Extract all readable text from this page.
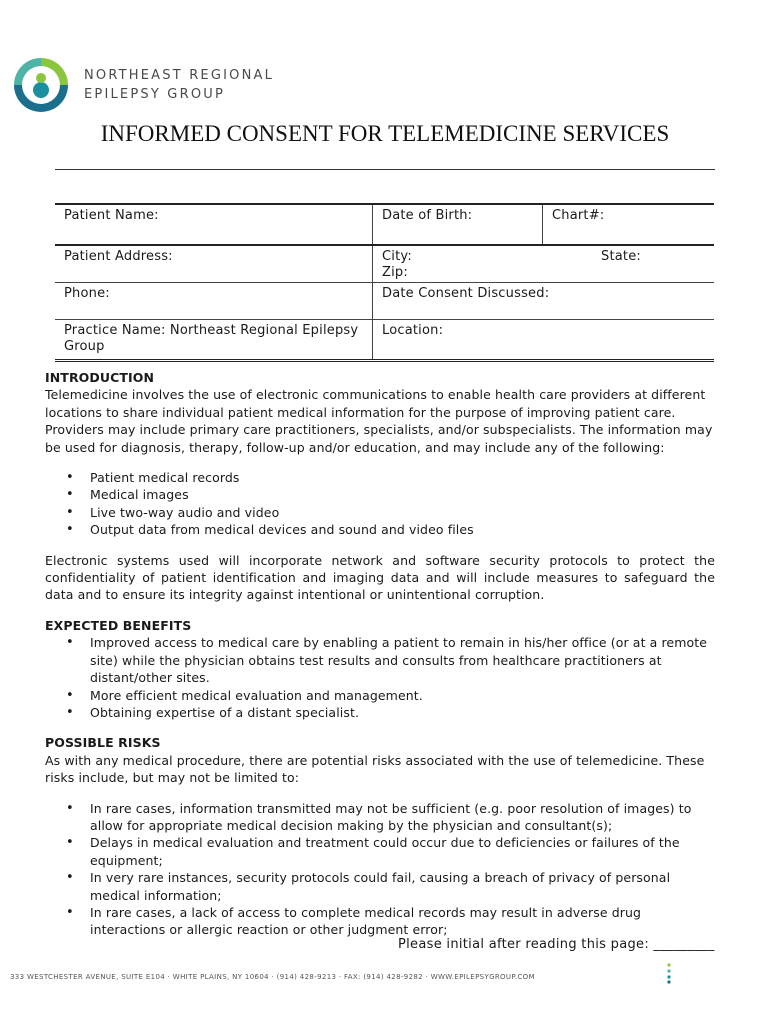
NORTHEAST REGIONAL
EPILEPSY GROUP
INFORMED CONSENT FOR TELEMEDICINE SERVICES
Patient Name:	Date of Birth:	Chart#:
Patient Address:	City: State:
Zip:	

Phone:	Date Consent Discussed:	
Practice Name: Northeast Regional Epilepsy Group	Location:	
INTRODUCTION

Telemedicine involves the use of electronic communications to enable health care providers at different locations to share individual patient medical information for the purpose of improving patient care. Providers may include primary care practitioners, specialists, and/or subspecialists. The information may be used for diagnosis, therapy, follow-up and/or education, and may include any of the following:

• Patient medical records
• Medical images
• Live two-way audio and video
• Output data from medical devices and sound and video files

Electronic systems used will incorporate network and software security protocols to protect the confidentiality of patient identification and imaging data and will include measures to safeguard the data and to ensure its integrity against intentional or unintentional corruption.

EXPECTED BENEFITS
• Improved access to medical care by enabling a patient to remain in his/her office (or at a remote site) while the physician obtains test results and consults from healthcare practitioners at distant/other sites.
• More efficient medical evaluation and management.
• Obtaining expertise of a distant specialist.
POSSIBLE RISKS

As with any medical procedure, there are potential risks associated with the use of telemedicine. These risks include, but may not be limited to:

• In rare cases, information transmitted may not be sufficient (e.g. poor resolution of images) to allow for appropriate medical decision making by the physician and consultant(s);
• Delays in medical evaluation and treatment could occur due to deficiencies or failures of the equipment;
• In very rare instances, security protocols could fail, causing a breach of privacy of personal medical information;
• In rare cases, a lack of access to complete medical records may result in adverse drug interactions or allergic reaction or other judgment error;
Please initial after reading this page: _________
333 WESTCHESTER AVENUE, SUITE E104 · WHITE PLAINS, NY 10604 · (914) 428-9213 · FAX: (914) 428-9282 · WWW.EPILEPSYGROUP.COM
